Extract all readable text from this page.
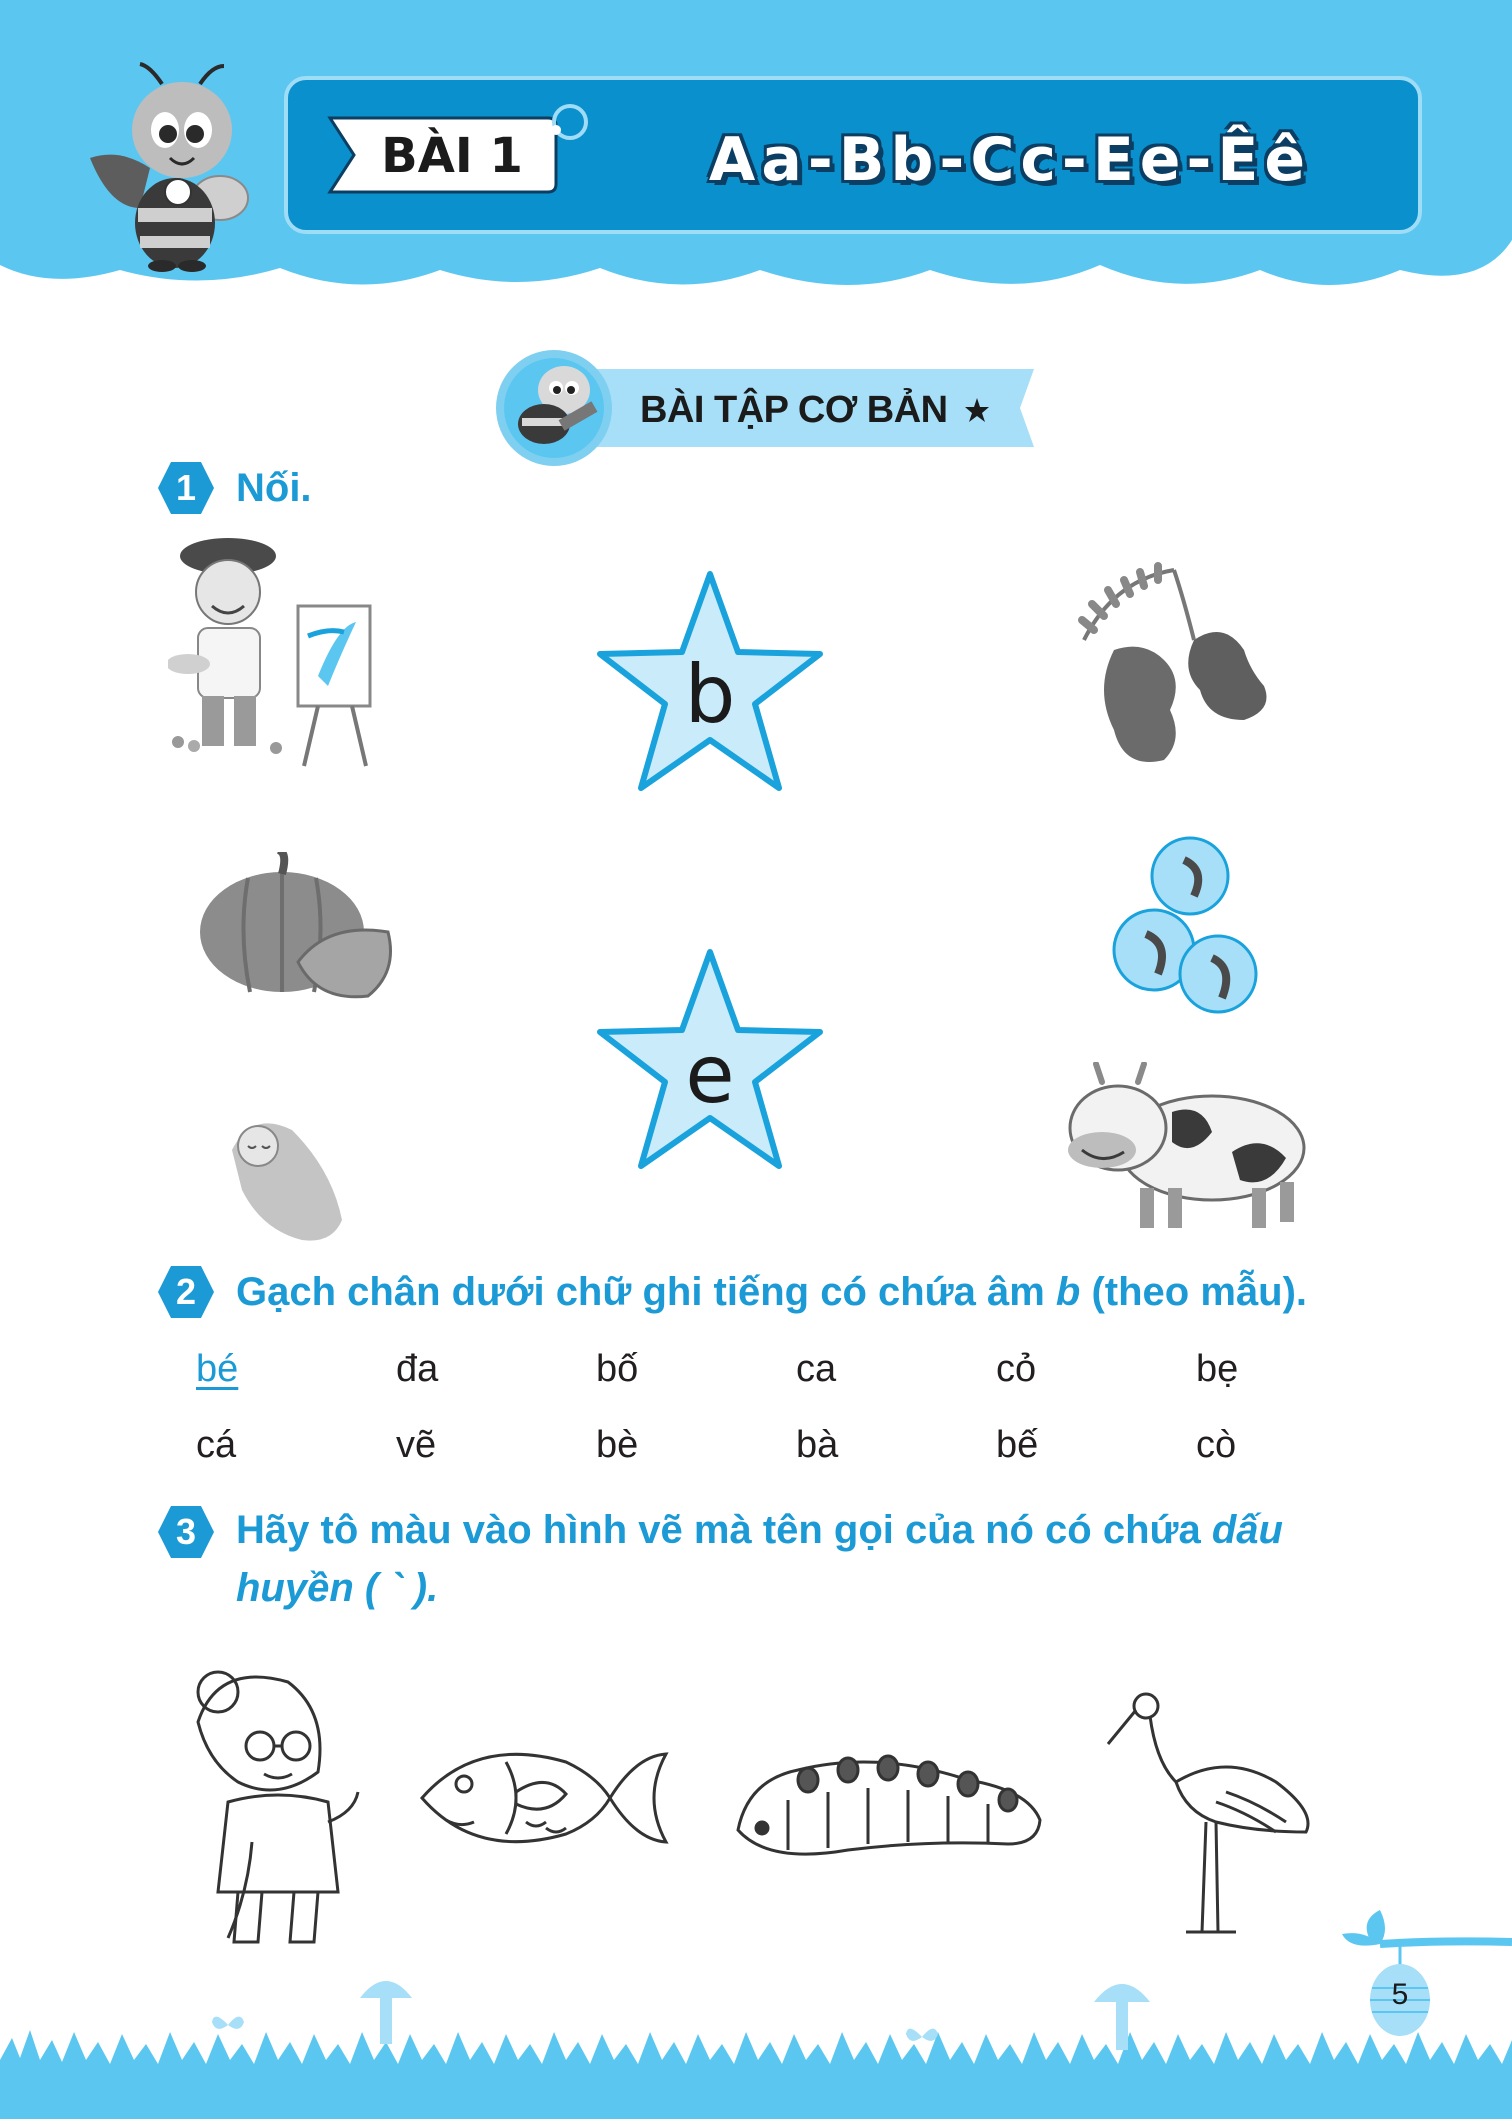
BÀI 1	Aa-Bb-Cc-Ee-Êê
BÀI TẬP CƠ BẢN
1 Nối.
b
e
2 Gạch chân dưới chữ ghi tiếng có chứa âm b (theo mẫu).
bé	đa	bố	ca	cỏ	bẹ
cá	vẽ	bè	bà	bế	cò
3 Hãy tô màu vào hình vẽ mà tên gọi của nó có chứa dấu
huyền ( ` ).
5
